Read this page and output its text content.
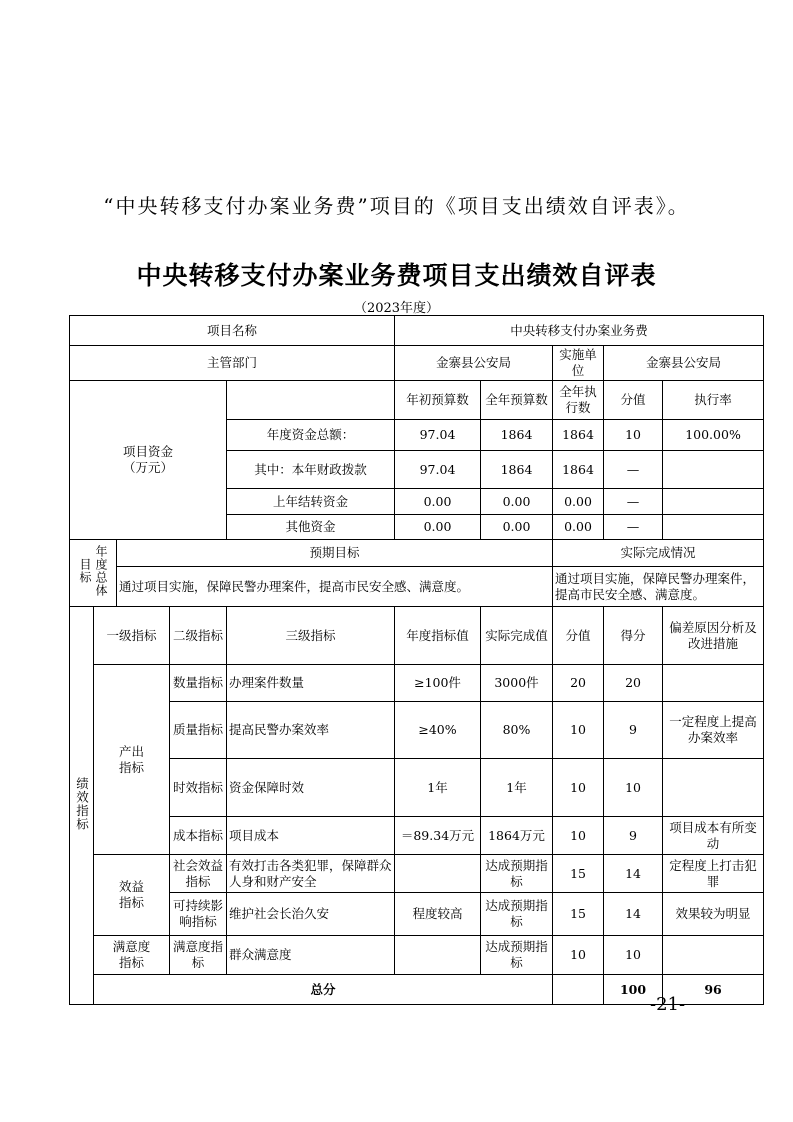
“中央转移支付办案业务费”项目的《项目支出绩效自评表》。
中央转移支付办案业务费项目支出绩效自评表
（2023年度）
项目名称					中央转移支付办案业务费					
主管部门					金寨县公安局		实施单位	金寨县公安局		
项目资金（万元）					年初预算数	全年预算数	全年执行数	分值	执行率	
				年度资金总额：	97.04	1864	1864	10	100.00%	
				其中：本年财政拨款	97.04	1864	1864	—		
				上年结转资金	0.00	0.00	0.00	—		
				其他资金	0.00	0.00	0.00	—		
年度总体目标		预期目标					实际完成情况			
		通过项目实施，保障民警办理案件，提高市民安全感、满意度。					通过项目实施，保障民警办理案件，提高市民安全感、满意度。			
绩效指标	一级指标		二级指标	三级指标	年度指标值	实际完成值	分值	得分	偏差原因分析及改进措施	
	产出指标		数量指标	办理案件数量	≥100件	3000件	20	20		
			质量指标	提高民警办案效率	≥40%	80%	10	9	一定程度上提高办案效率	
			时效指标	资金保障时效	1年	1年	10	10		
			成本指标	项目成本	＝89.34万元	1864万元	10	9	项目成本有所变动	
	效益指标		社会效益指标	有效打击各类犯罪，保障群众人身和财产安全		达成预期指标	15	14	定程度上打击犯罪	
			可持续影响指标	维护社会长治久安	程度较高	达成预期指标	15	14	效果较为明显	
	满意度指标		满意度指标	群众满意度		达成预期指标	10	10		
	总分							100	96	
-21-
